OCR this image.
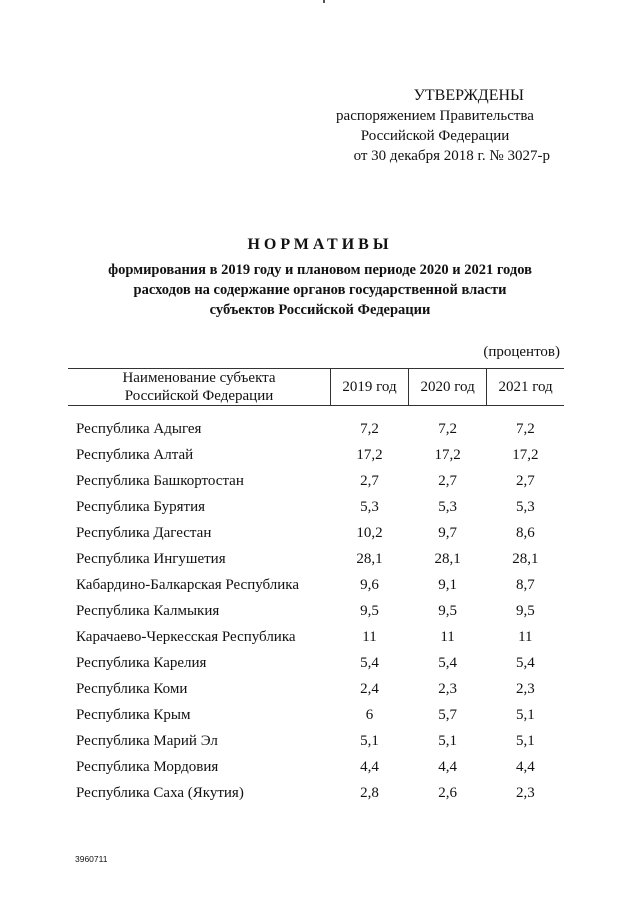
УТВЕРЖДЕНЫ
распоряжением Правительства
Российской Федерации
от 30 декабря 2018 г. № 3027-р
НОРМАТИВЫ
формирования в 2019 году и плановом периоде 2020 и 2021 годов
расходов на содержание органов государственной власти
субъектов Российской Федерации
(процентов)
Наименование субъекта
Российской Федерации	2019 год	2020 год	2021 год

Республика Адыгея	7,2	7,2	7,2
Республика Алтай	17,2	17,2	17,2
Республика Башкортостан	2,7	2,7	2,7
Республика Бурятия	5,3	5,3	5,3
Республика Дагестан	10,2	9,7	8,6
Республика Ингушетия	28,1	28,1	28,1
Кабардино-Балкарская Республика	9,6	9,1	8,7
Республика Калмыкия	9,5	9,5	9,5
Карачаево-Черкесская Республика	11	11	11
Республика Карелия	5,4	5,4	5,4
Республика Коми	2,4	2,3	2,3
Республика Крым	6	5,7	5,1
Республика Марий Эл	5,1	5,1	5,1
Республика Мордовия	4,4	4,4	4,4
Республика Саха (Якутия)	2,8	2,6	2,3
3960711
